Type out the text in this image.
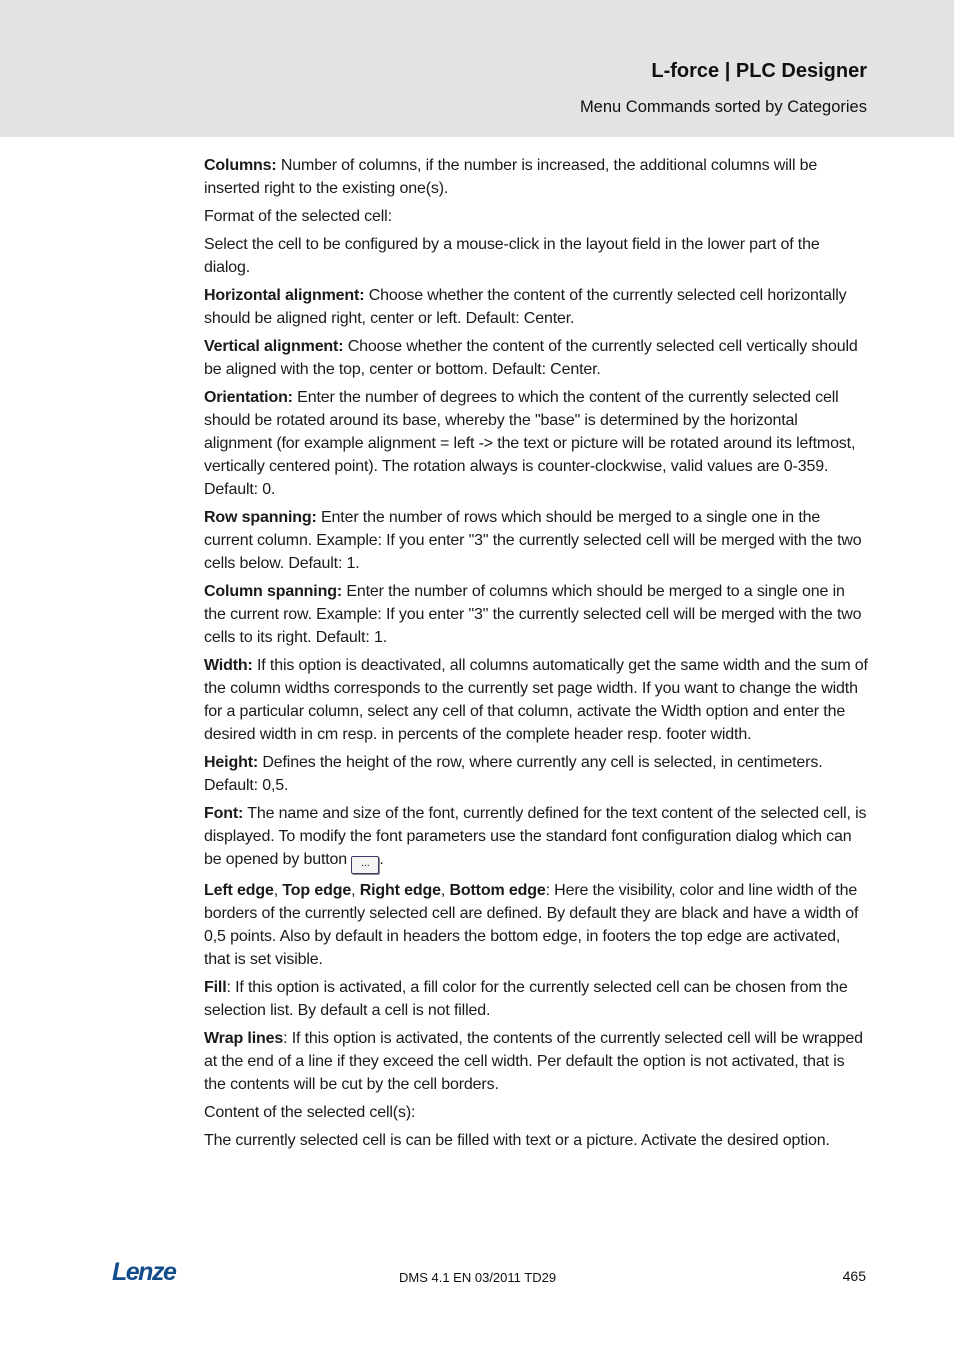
L-force | PLC Designer
Menu Commands sorted by Categories

Columns: Number of columns, if the number is increased, the additional columns will be inserted right to the existing one(s).

Format of the selected cell:

Select the cell to be configured by a mouse-click in the layout field in the lower part of the dialog.

Horizontal alignment: Choose whether the content of the currently selected cell horizontally should be aligned right, center or left. Default: Center.

Vertical alignment: Choose whether the content of the currently selected cell vertically should be aligned with the top, center or bottom. Default: Center.

Orientation: Enter the number of degrees to which the content of the currently selected cell should be rotated around its base, whereby the "base" is determined by the horizontal alignment (for example alignment = left -> the text or picture will be rotated around its leftmost, vertically centered point). The rotation always is counter-clockwise, valid values are 0-359. Default: 0.

Row spanning: Enter the number of rows which should be merged to a single one in the current column. Example: If you enter "3" the currently selected cell will be merged with the two cells below. Default: 1.

Column spanning: Enter the number of columns which should be merged to a single one in the current row. Example: If you enter "3" the currently selected cell will be merged with the two cells to its right. Default: 1.

Width: If this option is deactivated, all columns automatically get the same width and the sum of the column widths corresponds to the currently set page width. If you want to change the width for a particular column, select any cell of that column, activate the Width option and enter the desired width in cm resp. in percents of the complete header resp. footer width.

Height: Defines the height of the row, where currently any cell is selected, in centimeters. Default: 0,5.

Font: The name and size of the font, currently defined for the text content of the selected cell, is displayed. To modify the font parameters use the standard font configuration dialog which can be opened by button ... .

Left edge, Top edge, Right edge, Bottom edge: Here the visibility, color and line width of the borders of the currently selected cell are defined. By default they are black and have a width of 0,5 points. Also by default in headers the bottom edge, in footers the top edge are activated, that is set visible.

Fill: If this option is activated, a fill color for the currently selected cell can be chosen from the selection list. By default a cell is not filled.

Wrap lines: If this option is activated, the contents of the currently selected cell will be wrapped at the end of a line if they exceed the cell width. Per default the option is not activated, that is the contents will be cut by the cell borders.

Content of the selected cell(s):

The currently selected cell is can be filled with text or a picture. Activate the desired option.

Lenze	DMS 4.1 EN 03/2011 TD29	465
